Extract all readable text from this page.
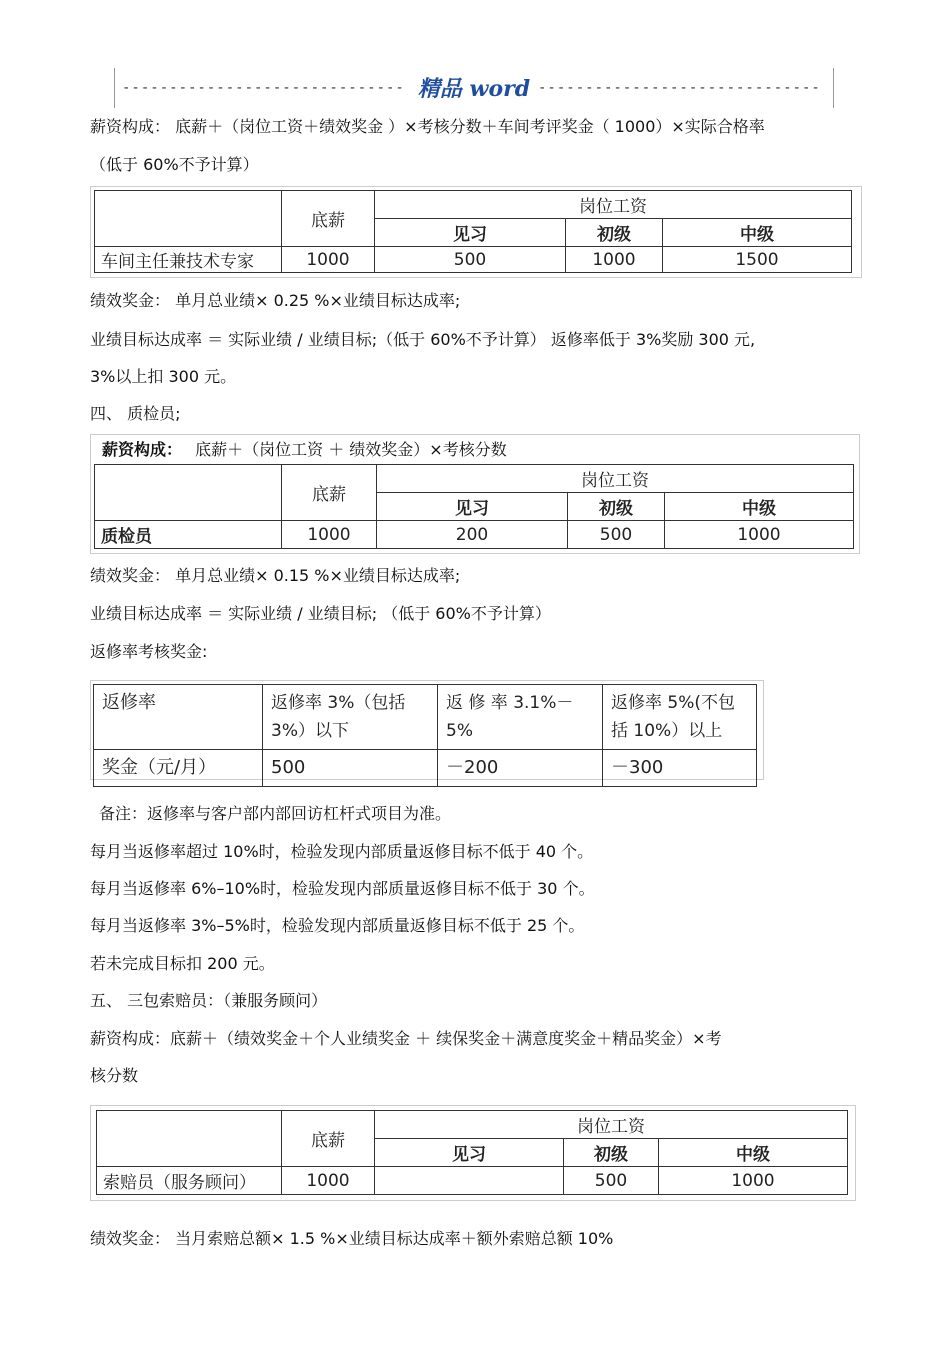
------------------------------ 精品 word ------------------------------
薪资构成： 底薪＋（岗位工资＋绩效奖金 ）×考核分数＋车间考评奖金（ 1000）×实际合格率
（低于 60%不予计算）
	底薪	岗位工资		
		见习	初级	中级
车间主任兼技术专家	1000	500	1000	1500
绩效奖金： 单月总业绩× 0.25 %×业绩目标达成率;
业绩目标达成率 ＝ 实际业绩 / 业绩目标;（低于 60%不予计算） 返修率低于 3%奖励 300 元,
3%以上扣 300 元。
四、 质检员;
薪资构成： 底薪＋（岗位工资 ＋ 绩效奖金）×考核分数
	底薪	岗位工资		
		见习	初级	中级
质检员	1000	200	500	1000
绩效奖金： 单月总业绩× 0.15 %×业绩目标达成率;
业绩目标达成率 ＝ 实际业绩 / 业绩目标; （低于 60%不予计算）
返修率考核奖金:
返修率	返修率 3%（包括 3%）以下	返 修 率 3.1%－ 5%	返修率 5%(不包括 10%）以上
奖金（元/月）	500	－200	－300
备注：返修率与客户部内部回访杠杆式项目为准。
每月当返修率超过 10%时，检验发现内部质量返修目标不低于 40 个。
每月当返修率 6%–10%时，检验发现内部质量返修目标不低于 30 个。
每月当返修率 3%–5%时，检验发现内部质量返修目标不低于 25 个。
若未完成目标扣 200 元。
五、 三包索赔员：（兼服务顾问）
薪资构成：底薪＋（绩效奖金＋个人业绩奖金 ＋ 续保奖金＋满意度奖金＋精品奖金）×考
核分数
	底薪	岗位工资		
		见习	初级	中级
索赔员（服务顾问）	1000		500	1000
绩效奖金： 当月索赔总额× 1.5 %×业绩目标达成率＋额外索赔总额 10%
